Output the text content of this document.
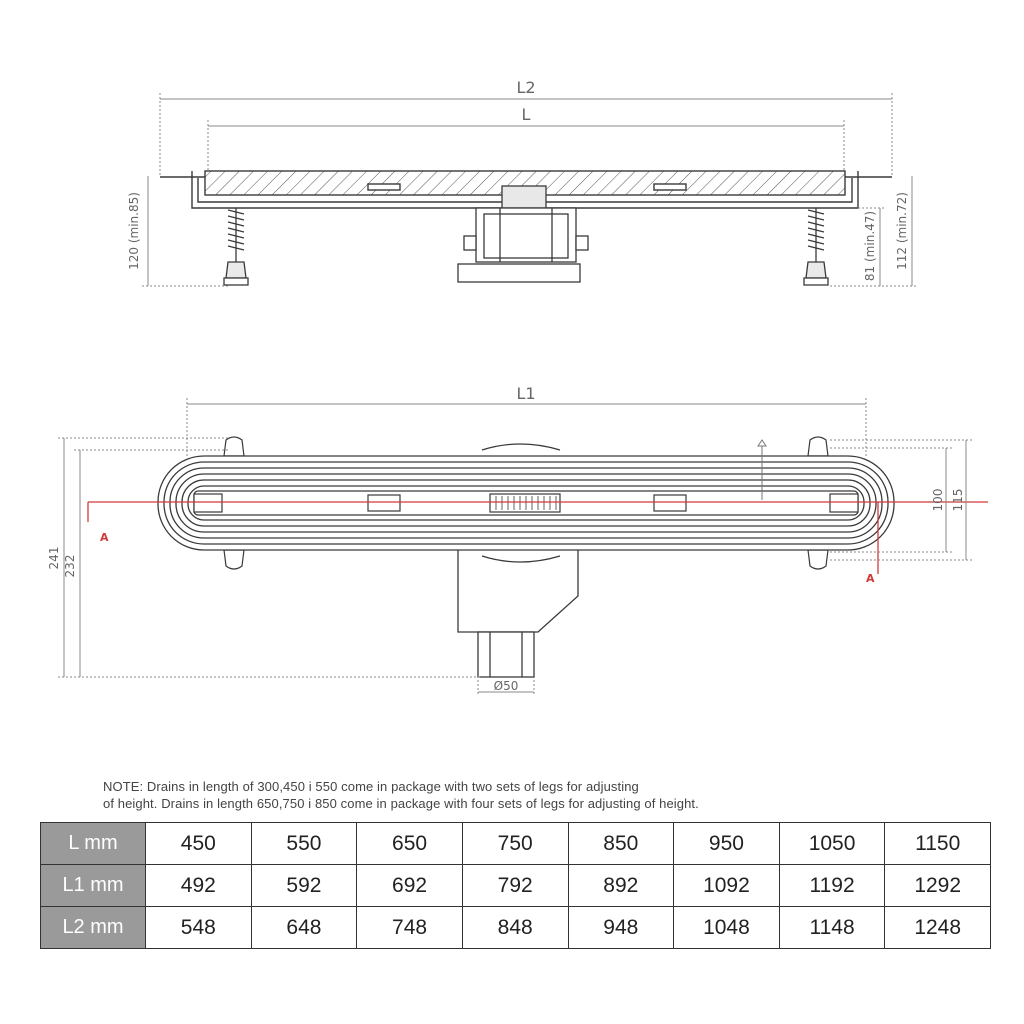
L2
L
120 (min.85)	81 (min.47) 112 (min.72)
L1
A
A
241 232
100 115
Ø50

NOTE: Drains in length of 300,450 i 550 come in package with two sets of legs for adjusting

of height. Drains in length 650,750 i 850 come in package with four sets of legs for adjusting of height.

L mm	450	550	650	750	850	950	1050	1150
L1 mm	492	592	692	792	892	1092	1192	1292
L2 mm	548	648	748	848	948	1048	1148	1248
